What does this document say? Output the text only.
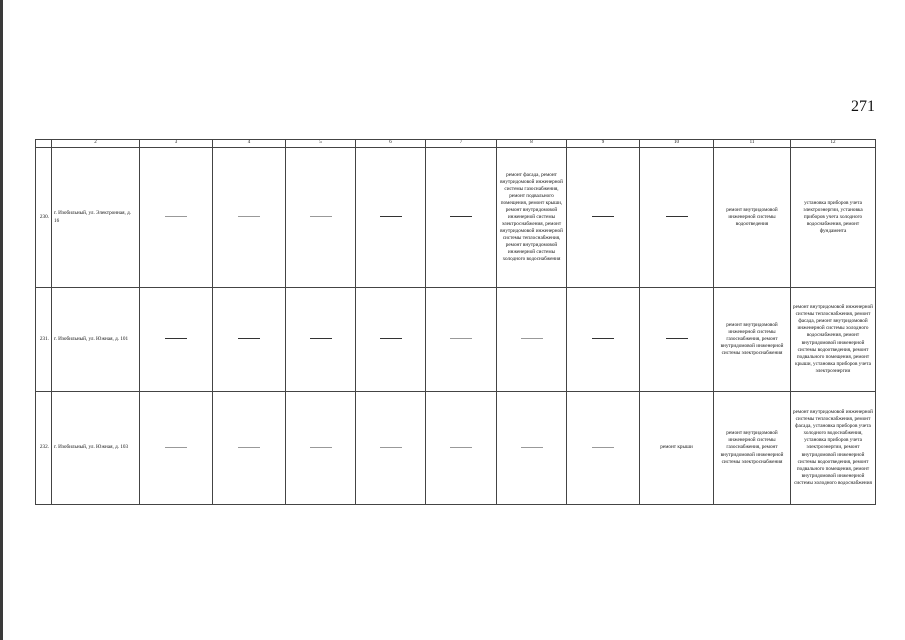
271
	2	3	4	5	6	7	8	9	10	11	12
230.	г. Изобильный, ул. Электронная, д. 16						ремонт фасада, ремонт внутридомовой инженерной системы газоснабжения, ремонт подвального помещения, ремонт крыши, ремонт внутридомовой инженерной системы электроснабжения, ремонт внутридомовой инженерной системы теплоснабжения, ремонт внутридомовой инженерной системы холодного водоснабжения			ремонт внутридомовой инженерной системы водоотведения	установка приборов учета электроэнергии, установка приборов учета холодного водоснабжения, ремонт фундамента
231.	г. Изобильный, ул. Южная, д. 101									ремонт внутридомовой инженерной системы газоснабжения, ремонт внутридомовой инженерной системы электроснабжения	ремонт внутридомовой инженерной системы теплоснабжения, ремонт фасада, ремонт внутридомовой инженерной системы холодного водоснабжения, ремонт внутридомовой инженерной системы водоотведения, ремонт подвального помещения, ремонт крыши, установка приборов учета электроэнергии
232.	г. Изобильный, ул. Южная, д. 103								ремонт крыши	ремонт внутридомовой инженерной системы газоснабжения, ремонт внутридомовой инженерной системы электроснабжения	ремонт внутридомовой инженерной системы теплоснабжения, ремонт фасада, установка приборов учета холодного водоснабжения, установка приборов учета электроэнергии, ремонт внутридомовой инженерной системы водоотведения, ремонт подвального помещения, ремонт внутридомовой инженерной системы холодного водоснабжения
